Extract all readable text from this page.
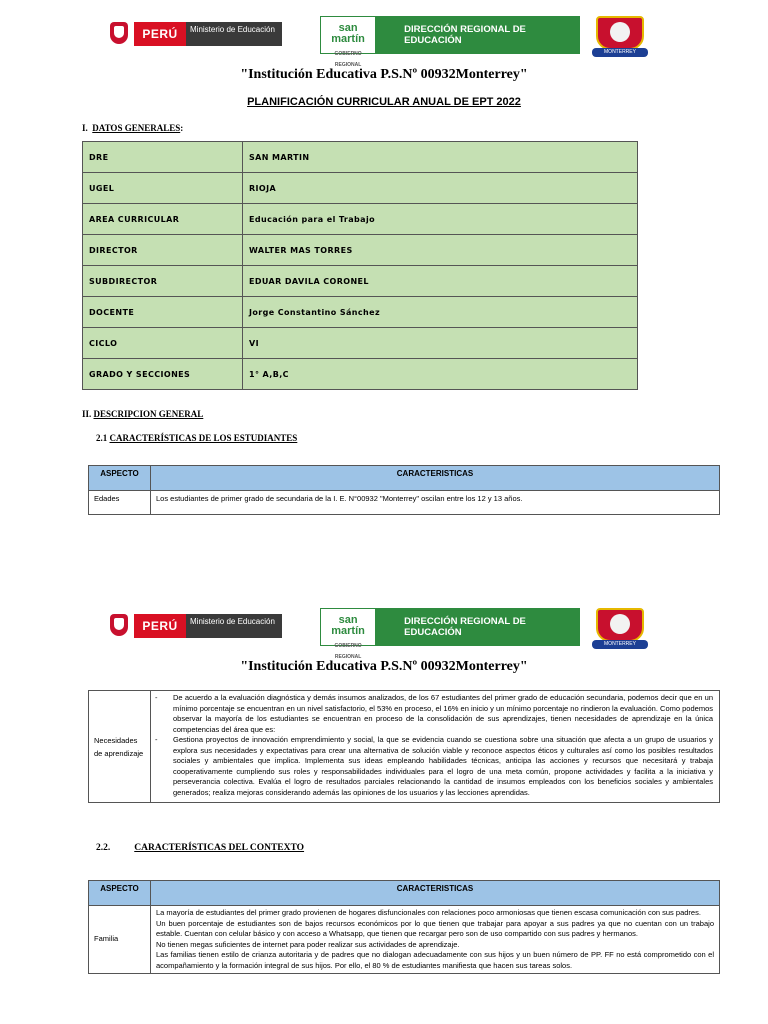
PERÚ	Ministerio de Educación	san martín
GOBIERNO REGIONAL
DIRECCIÓN REGIONAL DE EDUCACIÓN
MONTERREY
"Institución Educativa P.S.Nº 00932Monterrey"
PLANIFICACIÓN CURRICULAR ANUAL DE EPT 2022
I. DATOS GENERALES:
DRE	SAN MARTIN
UGEL	RIOJA
AREA CURRICULAR	Educación para el Trabajo
DIRECTOR	WALTER MAS TORRES
SUBDIRECTOR	EDUAR DAVILA CORONEL
DOCENTE	Jorge Constantino Sánchez
CICLO	VI
GRADO Y SECCIONES	1° A,B,C
II. DESCRIPCION GENERAL
2.1 CARACTERÍSTICAS DE LOS ESTUDIANTES
ASPECTO	CARACTERISTICAS
Edades	Los estudiantes de primer grado de secundaria de la I. E. N°00932 "Monterrey" oscilan entre los 12 y 13 años.
PERÚ	Ministerio de Educación	san martín
GOBIERNO REGIONAL
DIRECCIÓN REGIONAL DE EDUCACIÓN
MONTERREY
"Institución Educativa P.S.Nº 00932Monterrey"
Necesidades de aprendizaje	
-	De acuerdo a la evaluación diagnóstica y demás insumos analizados, de los 67 estudiantes del primer grado de educación secundaria, podemos decir que en un mínimo porcentaje se encuentran en un nivel satisfactorio, el 53% en proceso, el 16% en inicio y un mínimo porcentaje no rindieron la evaluación. Como podemos observar la mayoría de los estudiantes se encuentran en proceso de la consolidación de sus aprendizajes, tienen necesidades de aprendizaje en la única competencias del área que es:
-	Gestiona proyectos de innovación emprendimiento y social, la que se evidencia cuando se cuestiona sobre una situación que afecta a un grupo de usuarios y explora sus necesidades y expectativas para crear una alternativa de solución viable y reconoce aspectos éticos y culturales así como los posibles resultados sociales y ambientales que implica. Implementa sus ideas empleando habilidades técnicas, anticipa las acciones y recursos que necesitará y trabaja cooperativamente cumpliendo sus roles y responsabilidades individuales para el logro de una meta común, propone actividades y facilita a la iniciativa y perseverancia colectiva. Evalúa el logro de resultados parciales relacionando la cantidad de insumos empleados con los beneficios sociales y ambientales generados; realiza mejoras considerando además las opiniones de los usuarios y las lecciones aprendidas.
2.2.	CARACTERÍSTICAS DEL CONTEXTO
ASPECTO	CARACTERISTICAS
Familia	La mayoría de estudiantes del primer grado provienen de hogares disfuncionales con relaciones poco armoniosas que tienen escasa comunicación con sus padres.
Un buen porcentaje de estudiantes son de bajos recursos económicos por lo que tienen que trabajar para apoyar a sus padres ya que no cuentan con un trabajo estable. Cuentan con celular básico y con acceso a Whatsapp, que tienen que recargar pero son de uso compartido con sus padres y hermanos.
No tienen megas suficientes de internet para poder realizar sus actividades de aprendizaje.
Las familias tienen estilo de crianza autoritaria y de padres que no dialogan adecuadamente con sus hijos y un buen número de PP. FF no está comprometido con el acompañamiento y la formación integral de sus hijos. Por ello, el 80 % de estudiantes manifiesta que hacen sus tareas solos.
